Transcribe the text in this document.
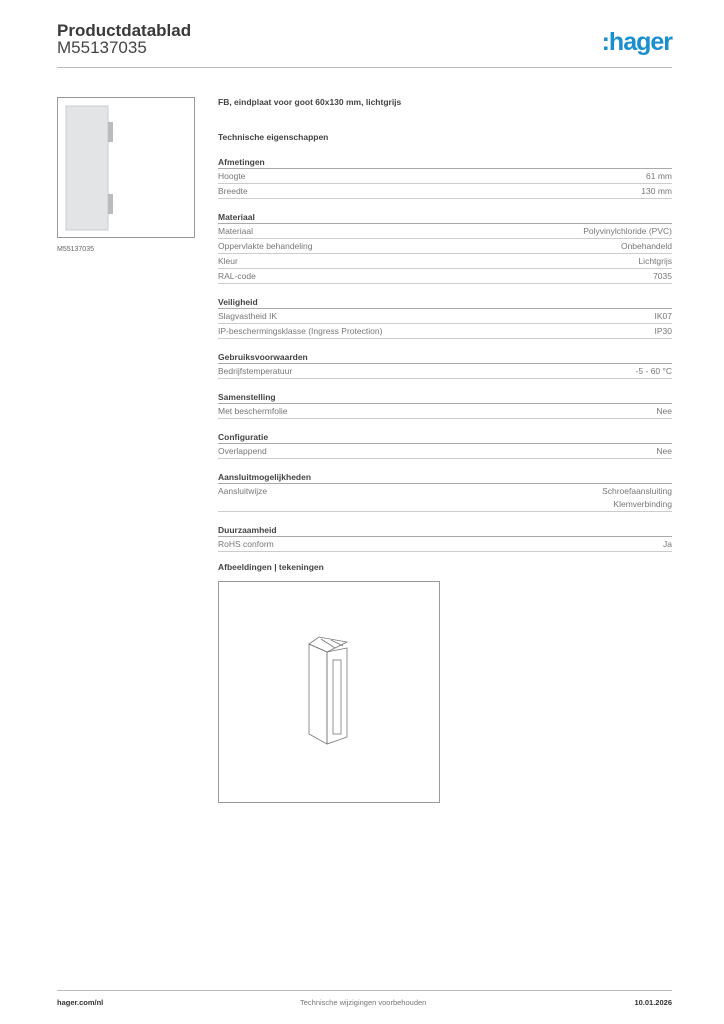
Productdatablad
M55137035	:hager
M55137035
FB, eindplaat voor goot 60x130 mm, lichtgrijs
Technische eigenschappen
Afmetingen
Hoogte	61 mm
Breedte	130 mm
Materiaal
Materiaal	Polyvinylchloride (PVC)
Oppervlakte behandeling	Onbehandeld
Kleur	Lichtgrijs
RAL-code	7035
Veiligheid
Slagvastheid IK	IK07
IP-beschermingsklasse (Ingress Protection)	IP30
Gebruiksvoorwaarden
Bedrijfstemperatuur	-5 - 60 °C
Samenstelling
Met beschermfolie	Nee
Configuratie
Overlappend	Nee
Aansluitmogelijkheden
Aansluitwijze	Schroefaansluiting
Klemverbinding
Duurzaamheid
RoHS conform	Ja
Afbeeldingen | tekeningen
hager.com/nl	Technische wijzigingen voorbehouden	10.01.2026
